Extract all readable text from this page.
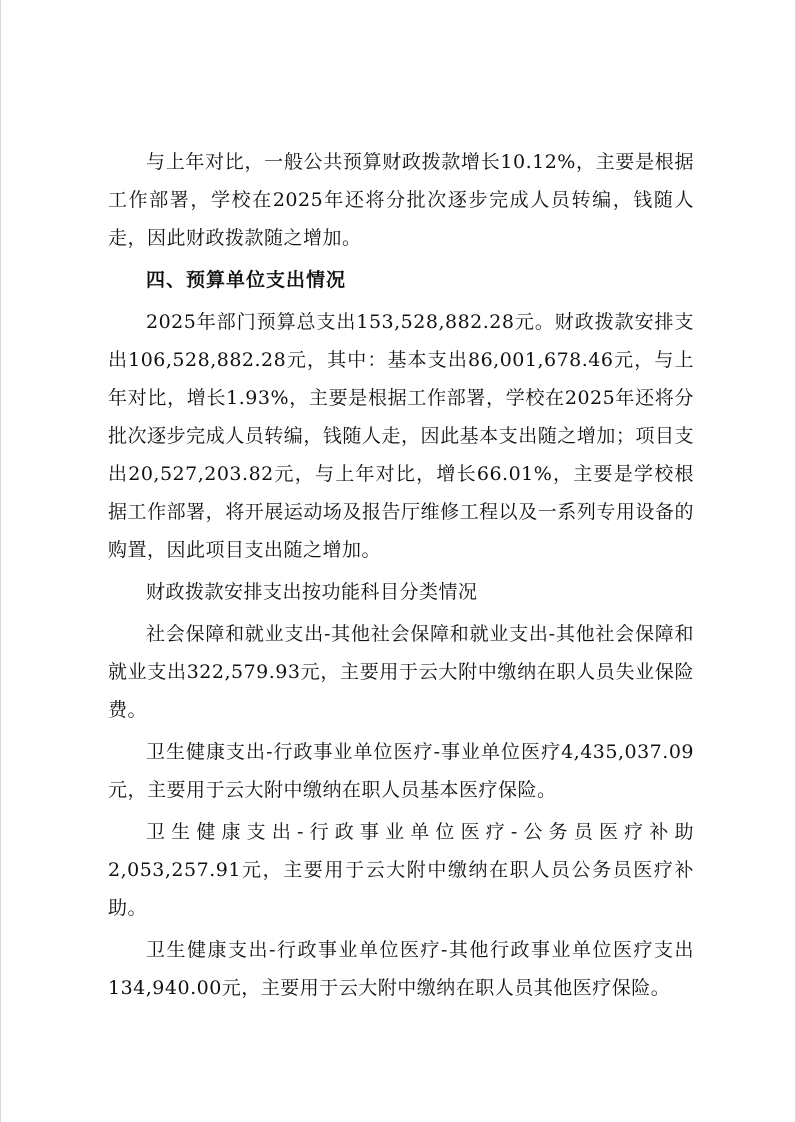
与上年对比，一般公共预算财政拨款增长10.12%，主要是根据工作部署，学校在2025年还将分批次逐步完成人员转编，钱随人走，因此财政拨款随之增加。

四、预算单位支出情况

2025年部门预算总支出153,528,882.28元。财政拨款安排支出106,528,882.28元，其中：基本支出86,001,678.46元，与上年对比，增长1.93%，主要是根据工作部署，学校在2025年还将分批次逐步完成人员转编，钱随人走，因此基本支出随之增加；项目支出20,527,203.82元，与上年对比，增长66.01%，主要是学校根据工作部署，将开展运动场及报告厅维修工程以及一系列专用设备的购置，因此项目支出随之增加。

财政拨款安排支出按功能科目分类情况

社会保障和就业支出-其他社会保障和就业支出-其他社会保障和就业支出322,579.93元，主要用于云大附中缴纳在职人员失业保险费。

卫生健康支出-行政事业单位医疗-事业单位医疗4,435,037.09元，主要用于云大附中缴纳在职人员基本医疗保险。

卫生健康支出-行政事业单位医疗-公务员医疗补助2,053,257.91元，主要用于云大附中缴纳在职人员公务员医疗补助。

卫生健康支出-行政事业单位医疗-其他行政事业单位医疗支出134,940.00元，主要用于云大附中缴纳在职人员其他医疗保险。
